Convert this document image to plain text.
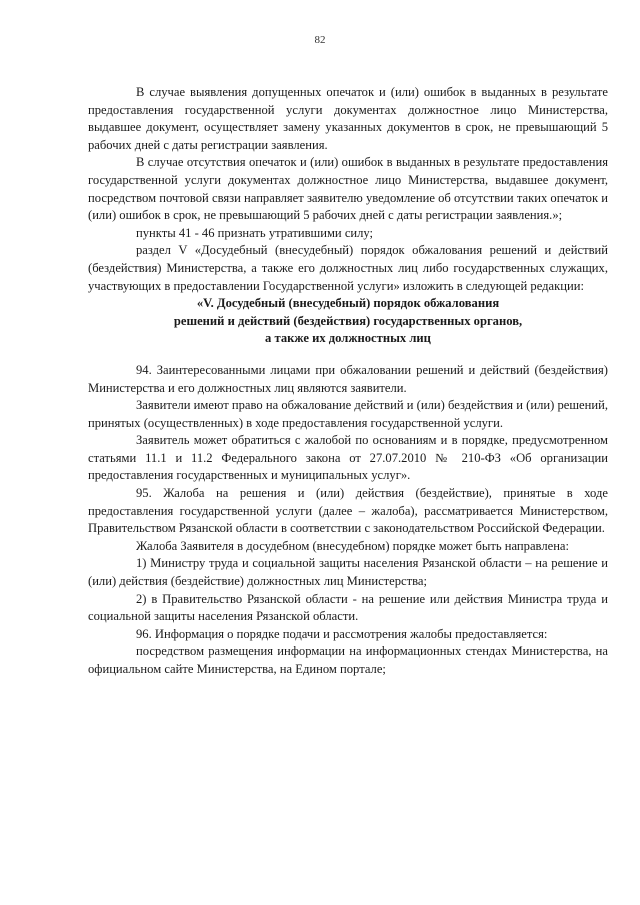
82

В случае выявления допущенных опечаток и (или) ошибок в выданных в результате предоставления государственной услуги документах должностное лицо Министерства, выдавшее документ, осуществляет замену указанных документов в срок, не превышающий 5 рабочих дней с даты регистрации заявления.

В случае отсутствия опечаток и (или) ошибок в выданных в результате предоставления государственной услуги документах должностное лицо Министерства, выдавшее документ, посредством почтовой связи направляет заявителю уведомление об отсутствии таких опечаток и (или) ошибок в срок, не превышающий 5 рабочих дней с даты регистрации заявления.»;

пункты 41 - 46 признать утратившими силу;

раздел V «Досудебный (внесудебный) порядок обжалования решений и действий (бездействия) Министерства, а также его должностных лиц либо государственных служащих, участвующих в предоставлении Государственной услуги» изложить в следующей редакции:

«V. Досудебный (внесудебный) порядок обжалования
решений и действий (бездействия) государственных органов,
а также их должностных лиц

94. Заинтересованными лицами при обжаловании решений и действий (бездействия) Министерства и его должностных лиц являются заявители.

Заявители имеют право на обжалование действий и (или) бездействия и (или) решений, принятых (осуществленных) в ходе предоставления государственной услуги.

Заявитель может обратиться с жалобой по основаниям и в порядке, предусмотренном статьями 11.1 и 11.2 Федерального закона от 27.07.2010 № 210-ФЗ «Об организации предоставления государственных и муниципальных услуг».

95. Жалоба на решения и (или) действия (бездействие), принятые в ходе предоставления государственной услуги (далее – жалоба), рассматривается Министерством, Правительством Рязанской области в соответствии с законодательством Российской Федерации.

Жалоба Заявителя в досудебном (внесудебном) порядке может быть направлена:

1) Министру труда и социальной защиты населения Рязанской области – на решение и (или) действия (бездействие) должностных лиц Министерства;

2) в Правительство Рязанской области - на решение или действия Министра труда и социальной защиты населения Рязанской области.

96. Информация о порядке подачи и рассмотрения жалобы предоставляется:

посредством размещения информации на информационных стендах Министерства, на официальном сайте Министерства, на Едином портале;
